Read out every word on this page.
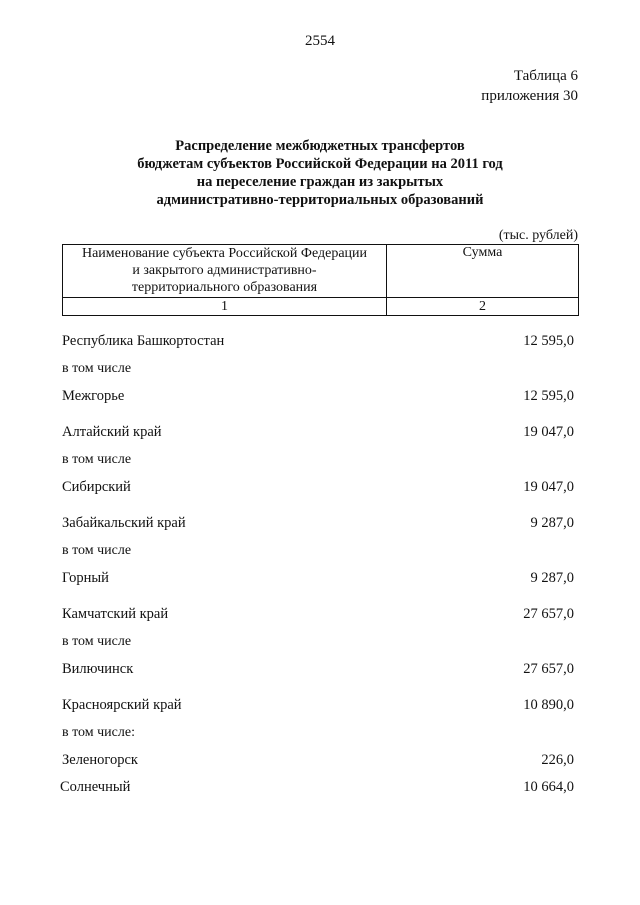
2554
Таблица 6
приложения 30
Распределение межбюджетных трансфертов
бюджетам субъектов Российской Федерации на 2011 год
на переселение граждан из закрытых
административно-территориальных образований
(тыс. рублей)
Наименование субъекта Российской Федерации
и закрытого административно-
территориального образования	Сумма
1	2
Республика Башкортостан	12 595,0
в том числе
Межгорье	12 595,0
Алтайский край	19 047,0
в том числе
Сибирский	19 047,0
Забайкальский край	9 287,0
в том числе
Горный	9 287,0
Камчатский край	27 657,0
в том числе
Вилючинск	27 657,0
Красноярский край	10 890,0
в том числе:
Зеленогорск	226,0
Солнечный	10 664,0
